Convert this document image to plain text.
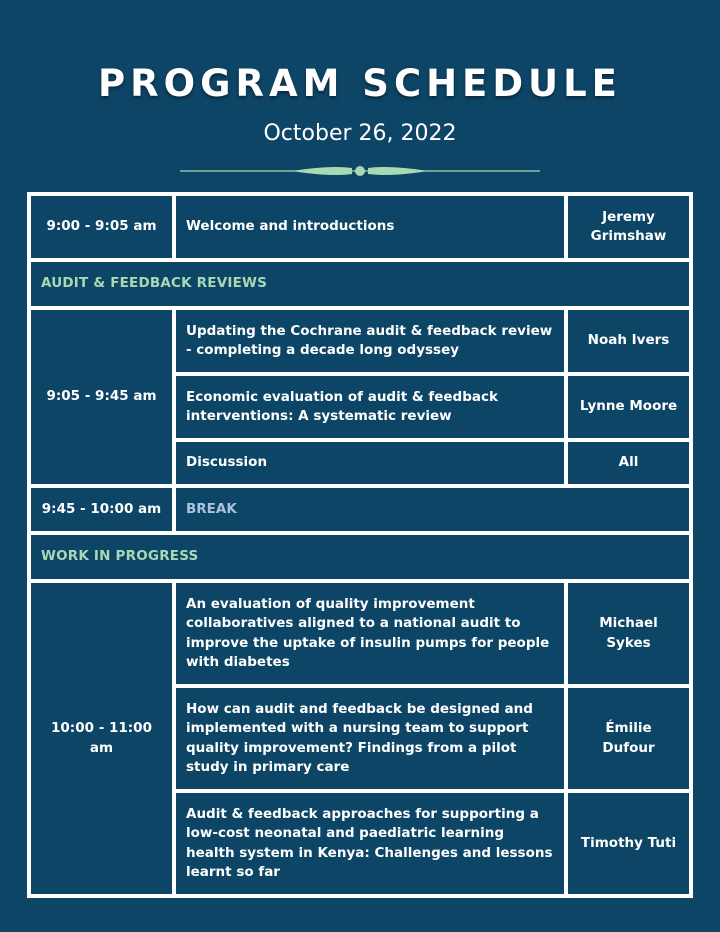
PROGRAM SCHEDULE
October 26, 2022
9:00 - 9:05 am	Welcome and introductions	Jeremy Grimshaw
AUDIT & FEEDBACK REVIEWS		
9:05 - 9:45 am	Updating the Cochrane audit & feedback review - completing a decade long odyssey	Noah Ivers
	Economic evaluation of audit & feedback interventions: A systematic review	Lynne Moore
	Discussion	All
9:45 - 10:00 am	BREAK	
WORK IN PROGRESS		
10:00 - 11:00 am	An evaluation of quality improvement collaboratives aligned to a national audit to improve the uptake of insulin pumps for people with diabetes	Michael Sykes
	How can audit and feedback be designed and implemented with a nursing team to support quality improvement? Findings from a pilot study in primary care	Émilie Dufour
	Audit & feedback approaches for supporting a low-cost neonatal and paediatric learning health system in Kenya: Challenges and lessons learnt so far	Timothy Tuti
